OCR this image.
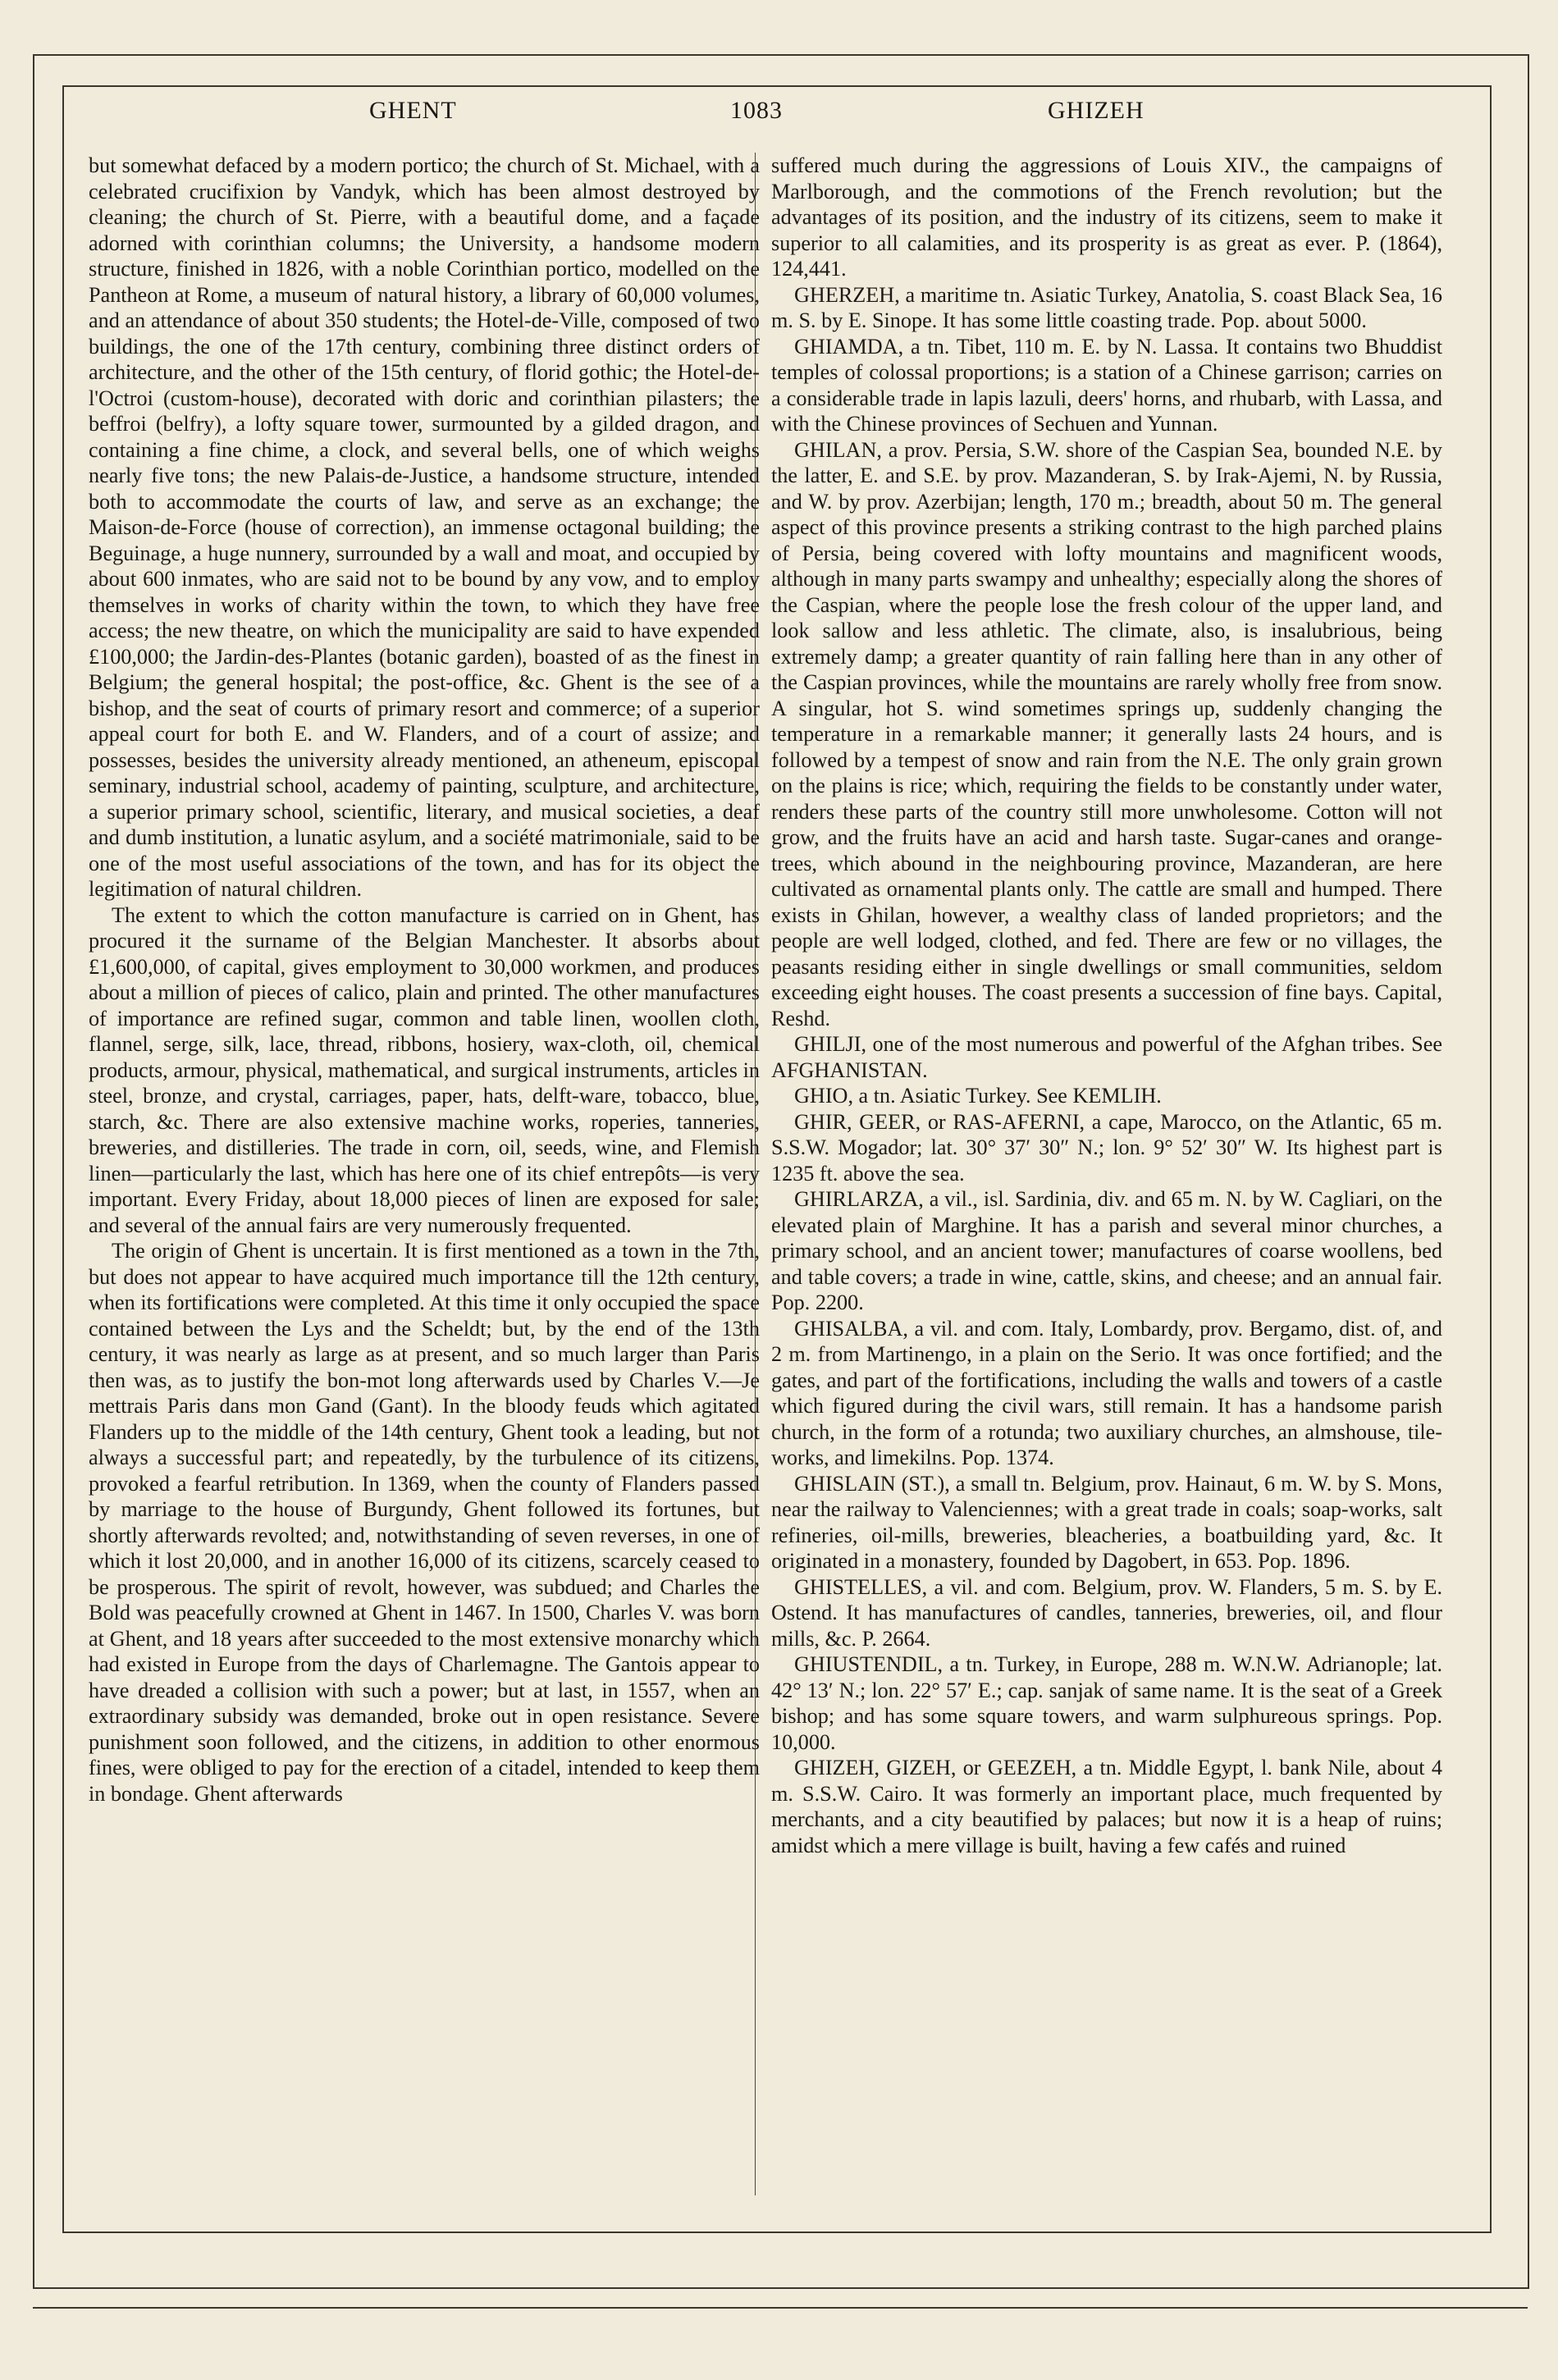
GHENT	1083	GHIZEH

but somewhat defaced by a modern portico; the church of St. Michael, with a celebrated crucifixion by Vandyk, which has been almost destroyed by cleaning; the church of St. Pierre, with a beautiful dome, and a façade adorned with corinthian columns; the University, a handsome modern structure, finished in 1826, with a noble Corinthian portico, modelled on the Pantheon at Rome, a museum of natural history, a library of 60,000 volumes, and an attendance of about 350 students; the Hotel-de-Ville, composed of two buildings, the one of the 17th century, combining three distinct orders of architecture, and the other of the 15th century, of florid gothic; the Hotel-de-l'Octroi (custom-house), decorated with doric and corinthian pilasters; the beffroi (belfry), a lofty square tower, surmounted by a gilded dragon, and containing a fine chime, a clock, and several bells, one of which weighs nearly five tons; the new Palais-de-Justice, a handsome structure, intended both to accommodate the courts of law, and serve as an exchange; the Maison-de-Force (house of correction), an immense octagonal building; the Beguinage, a huge nunnery, surrounded by a wall and moat, and occupied by about 600 inmates, who are said not to be bound by any vow, and to employ themselves in works of charity within the town, to which they have free access; the new theatre, on which the municipality are said to have expended £100,000; the Jardin-des-Plantes (botanic garden), boasted of as the finest in Belgium; the general hospital; the post-office, &c. Ghent is the see of a bishop, and the seat of courts of primary resort and commerce; of a superior appeal court for both E. and W. Flanders, and of a court of assize; and possesses, besides the university already mentioned, an atheneum, episcopal seminary, industrial school, academy of painting, sculpture, and architecture, a superior primary school, scientific, literary, and musical societies, a deaf and dumb institution, a lunatic asylum, and a société matrimoniale, said to be one of the most useful associations of the town, and has for its object the legitimation of natural children.

The extent to which the cotton manufacture is carried on in Ghent, has procured it the surname of the Belgian Manchester. It absorbs about £1,600,000, of capital, gives employment to 30,000 workmen, and produces about a million of pieces of calico, plain and printed. The other manufactures of importance are refined sugar, common and table linen, woollen cloth, flannel, serge, silk, lace, thread, ribbons, hosiery, wax-cloth, oil, chemical products, armour, physical, mathematical, and surgical instruments, articles in steel, bronze, and crystal, carriages, paper, hats, delft-ware, tobacco, blue, starch, &c. There are also extensive machine works, roperies, tanneries, breweries, and distilleries. The trade in corn, oil, seeds, wine, and Flemish linen—particularly the last, which has here one of its chief entrepôts—is very important. Every Friday, about 18,000 pieces of linen are exposed for sale; and several of the annual fairs are very numerously frequented.

The origin of Ghent is uncertain. It is first mentioned as a town in the 7th, but does not appear to have acquired much importance till the 12th century, when its fortifications were completed. At this time it only occupied the space contained between the Lys and the Scheldt; but, by the end of the 13th century, it was nearly as large as at present, and so much larger than Paris then was, as to justify the bon-mot long afterwards used by Charles V.—Je mettrais Paris dans mon Gand (Gant). In the bloody feuds which agitated Flanders up to the middle of the 14th century, Ghent took a leading, but not always a successful part; and repeatedly, by the turbulence of its citizens, provoked a fearful retribution. In 1369, when the county of Flanders passed by marriage to the house of Burgundy, Ghent followed its fortunes, but shortly afterwards revolted; and, notwithstanding of seven reverses, in one of which it lost 20,000, and in another 16,000 of its citizens, scarcely ceased to be prosperous. The spirit of revolt, however, was subdued; and Charles the Bold was peacefully crowned at Ghent in 1467. In 1500, Charles V. was born at Ghent, and 18 years after succeeded to the most extensive monarchy which had existed in Europe from the days of Charlemagne. The Gantois appear to have dreaded a collision with such a power; but at last, in 1557, when an extraordinary subsidy was demanded, broke out in open resistance. Severe punishment soon followed, and the citizens, in addition to other enormous fines, were obliged to pay for the erection of a citadel, intended to keep them in bondage. Ghent afterwards

suffered much during the aggressions of Louis XIV., the campaigns of Marlborough, and the commotions of the French revolution; but the advantages of its position, and the industry of its citizens, seem to make it superior to all calamities, and its prosperity is as great as ever. P. (1864), 124,441.

GHERZEH, a maritime tn. Asiatic Turkey, Anatolia, S. coast Black Sea, 16 m. S. by E. Sinope. It has some little coasting trade. Pop. about 5000.

GHIAMDA, a tn. Tibet, 110 m. E. by N. Lassa. It contains two Bhuddist temples of colossal proportions; is a station of a Chinese garrison; carries on a considerable trade in lapis lazuli, deers' horns, and rhubarb, with Lassa, and with the Chinese provinces of Sechuen and Yunnan.

GHILAN, a prov. Persia, S.W. shore of the Caspian Sea, bounded N.E. by the latter, E. and S.E. by prov. Mazanderan, S. by Irak-Ajemi, N. by Russia, and W. by prov. Azerbijan; length, 170 m.; breadth, about 50 m. The general aspect of this province presents a striking contrast to the high parched plains of Persia, being covered with lofty mountains and magnificent woods, although in many parts swampy and unhealthy; especially along the shores of the Caspian, where the people lose the fresh colour of the upper land, and look sallow and less athletic. The climate, also, is insalubrious, being extremely damp; a greater quantity of rain falling here than in any other of the Caspian provinces, while the mountains are rarely wholly free from snow. A singular, hot S. wind sometimes springs up, suddenly changing the temperature in a remarkable manner; it generally lasts 24 hours, and is followed by a tempest of snow and rain from the N.E. The only grain grown on the plains is rice; which, requiring the fields to be constantly under water, renders these parts of the country still more unwholesome. Cotton will not grow, and the fruits have an acid and harsh taste. Sugar-canes and orange-trees, which abound in the neighbouring province, Mazanderan, are here cultivated as ornamental plants only. The cattle are small and humped. There exists in Ghilan, however, a wealthy class of landed proprietors; and the people are well lodged, clothed, and fed. There are few or no villages, the peasants residing either in single dwellings or small communities, seldom exceeding eight houses. The coast presents a succession of fine bays. Capital, Reshd.

GHILJI, one of the most numerous and powerful of the Afghan tribes. See AFGHANISTAN.

GHIO, a tn. Asiatic Turkey. See KEMLIH.

GHIR, GEER, or RAS-AFERNI, a cape, Marocco, on the Atlantic, 65 m. S.S.W. Mogador; lat. 30° 37′ 30″ N.; lon. 9° 52′ 30″ W. Its highest part is 1235 ft. above the sea.

GHIRLARZA, a vil., isl. Sardinia, div. and 65 m. N. by W. Cagliari, on the elevated plain of Marghine. It has a parish and several minor churches, a primary school, and an ancient tower; manufactures of coarse woollens, bed and table covers; a trade in wine, cattle, skins, and cheese; and an annual fair. Pop. 2200.

GHISALBA, a vil. and com. Italy, Lombardy, prov. Bergamo, dist. of, and 2 m. from Martinengo, in a plain on the Serio. It was once fortified; and the gates, and part of the fortifications, including the walls and towers of a castle which figured during the civil wars, still remain. It has a handsome parish church, in the form of a rotunda; two auxiliary churches, an almshouse, tile-works, and limekilns. Pop. 1374.

GHISLAIN (ST.), a small tn. Belgium, prov. Hainaut, 6 m. W. by S. Mons, near the railway to Valenciennes; with a great trade in coals; soap-works, salt refineries, oil-mills, breweries, bleacheries, a boatbuilding yard, &c. It originated in a monastery, founded by Dagobert, in 653. Pop. 1896.

GHISTELLES, a vil. and com. Belgium, prov. W. Flanders, 5 m. S. by E. Ostend. It has manufactures of candles, tanneries, breweries, oil, and flour mills, &c. P. 2664.

GHIUSTENDIL, a tn. Turkey, in Europe, 288 m. W.N.W. Adrianople; lat. 42° 13′ N.; lon. 22° 57′ E.; cap. sanjak of same name. It is the seat of a Greek bishop; and has some square towers, and warm sulphureous springs. Pop. 10,000.

GHIZEH, GIZEH, or GEEZEH, a tn. Middle Egypt, l. bank Nile, about 4 m. S.S.W. Cairo. It was formerly an important place, much frequented by merchants, and a city beautified by palaces; but now it is a heap of ruins; amidst which a mere village is built, having a few cafés and ruined
